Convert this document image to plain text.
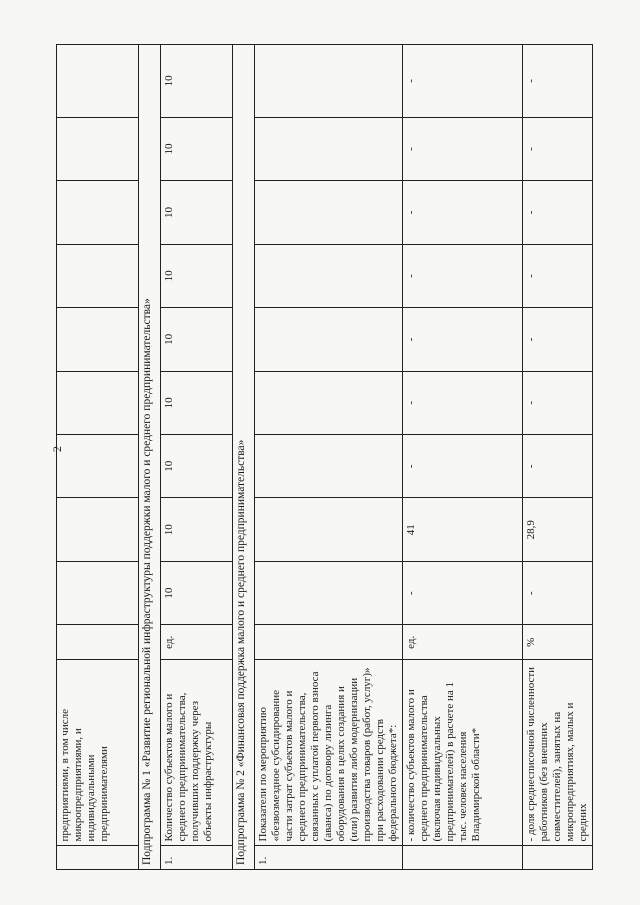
2
	предприятиями, в том числе микропредприятиями, и индивидуальными предпринимателями										
Подпрограмма № 1 «Развитие региональной инфраструктуры поддержки малого и среднего предпринимательства»											
1.	Количество субъектов малого и среднего предпринимательства, получивших поддержку через объекты инфраструктуры	ед.	10	10	10	10	10	10	10	10	10
Подпрограмма № 2 «Финансовая поддержка малого и среднего предпринимательства»											
1.	Показатели по мероприятию «безвозмездное субсидирование части затрат субъектов малого и среднего предпринимательства, связанных с уплатой первого взноса (аванса) по договору лизинга оборудования в целях создания и (или) развития либо модернизации производства товаров (работ, услуг)» при расходовании средств федерального бюджета*:										
	- количество субъектов малого и среднего предпринимательства (включая индивидуальных предпринимателей) в расчете на 1 тыс. человек населения Владимирской области*	ед.	-	41	-	-	-	-	-	-	-
	- доля среднесписочной численности работников (без внешних совместителей), занятых на микропредприятиях, малых и средних	%	-	28,9	-	-	-	-	-	-	-
